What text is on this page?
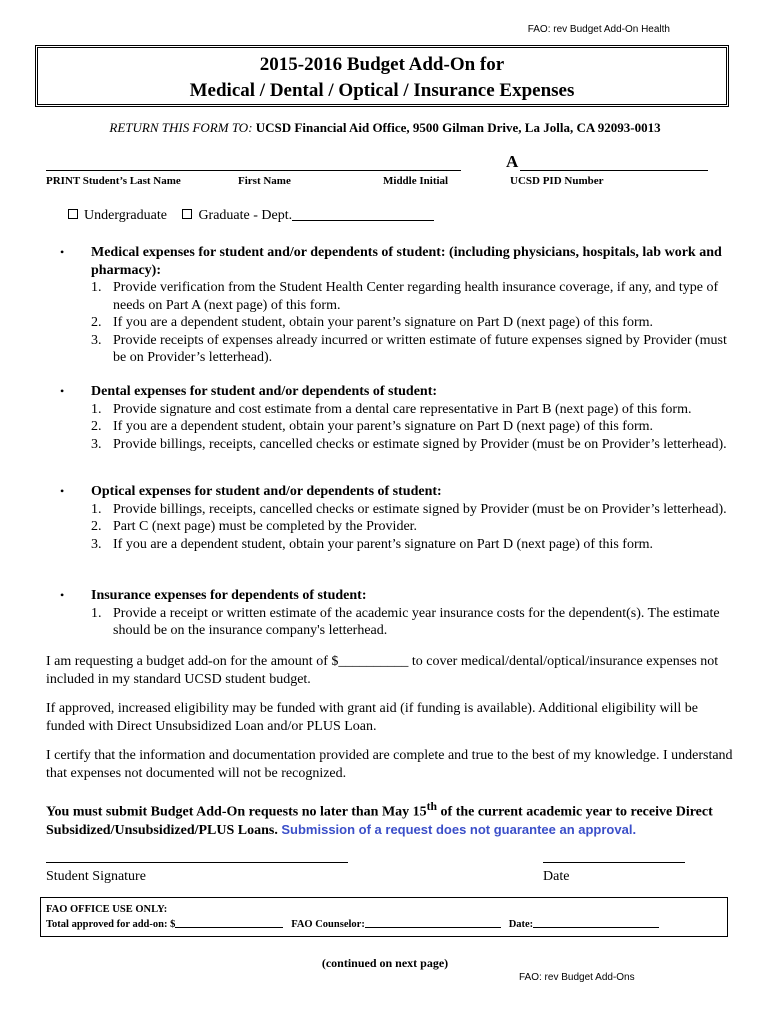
FAO: rev Budget Add-On Health
2015-2016 Budget Add-On for
Medical / Dental / Optical / Insurance Expenses
RETURN THIS FORM TO: UCSD Financial Aid Office, 9500 Gilman Drive, La Jolla, CA 92093-0013
A
PRINT Student’s Last Name	First Name	Middle Initial	UCSD PID Number
Undergraduate Graduate - Dept.
• Medical expenses for student and/or dependents of student: (including physicians, hospitals, lab work and pharmacy):
1. Provide verification from the Student Health Center regarding health insurance coverage, if any, and type of needs on Part A (next page) of this form.
2. If you are a dependent student, obtain your parent’s signature on Part D (next page) of this form.
3. Provide receipts of expenses already incurred or written estimate of future expenses signed by Provider (must be on Provider’s letterhead).
• Dental expenses for student and/or dependents of student:
1. Provide signature and cost estimate from a dental care representative in Part B (next page) of this form.
2. If you are a dependent student, obtain your parent’s signature on Part D (next page) of this form.
3. Provide billings, receipts, cancelled checks or estimate signed by Provider (must be on Provider’s letterhead).
• Optical expenses for student and/or dependents of student:
1. Provide billings, receipts, cancelled checks or estimate signed by Provider (must be on Provider’s letterhead).
2. Part C (next page) must be completed by the Provider.
3. If you are a dependent student, obtain your parent’s signature on Part D (next page) of this form.
• Insurance expenses for dependents of student:
1. Provide a receipt or written estimate of the academic year insurance costs for the dependent(s). The estimate should be on the insurance company's letterhead.
I am requesting a budget add-on for the amount of $__________ to cover medical/dental/optical/insurance expenses not included in my standard UCSD student budget.
If approved, increased eligibility may be funded with grant aid (if funding is available). Additional eligibility will be funded with Direct Unsubsidized Loan and/or PLUS Loan.
I certify that the information and documentation provided are complete and true to the best of my knowledge. I understand that expenses not documented will not be recognized.
You must submit Budget Add-On requests no later than May 15th of the current academic year to receive Direct Subsidized/Unsubsidized/PLUS Loans. Submission of a request does not guarantee an approval.
Student Signature	Date
FAO OFFICE USE ONLY:
Total approved for add-on: $	FAO Counselor:	Date:
(continued on next page)
FAO: rev Budget Add-Ons
